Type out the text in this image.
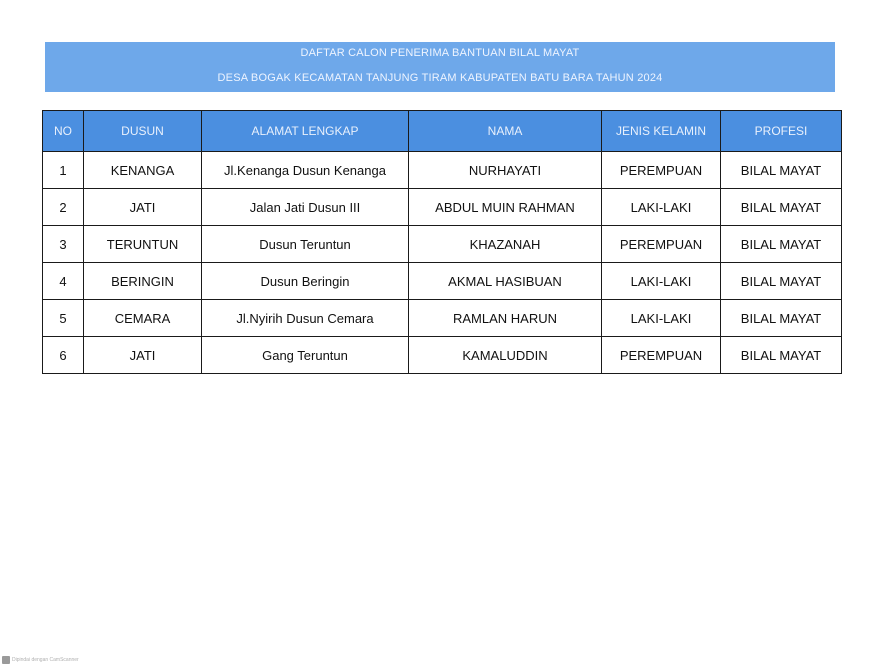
DAFTAR CALON PENERIMA BANTUAN BILAL MAYAT
DESA BOGAK KECAMATAN TANJUNG TIRAM KABUPATEN BATU BARA TAHUN 2024
NO	DUSUN	ALAMAT LENGKAP	NAMA	JENIS KELAMIN	PROFESI
1	KENANGA	Jl.Kenanga Dusun Kenanga	NURHAYATI	PEREMPUAN	BILAL MAYAT
2	JATI	Jalan Jati Dusun III	ABDUL MUIN RAHMAN	LAKI-LAKI	BILAL MAYAT
3	TERUNTUN	Dusun Teruntun	KHAZANAH	PEREMPUAN	BILAL MAYAT
4	BERINGIN	Dusun Beringin	AKMAL HASIBUAN	LAKI-LAKI	BILAL MAYAT
5	CEMARA	Jl.Nyirih Dusun Cemara	RAMLAN HARUN	LAKI-LAKI	BILAL MAYAT
6	JATI	Gang Teruntun	KAMALUDDIN	PEREMPUAN	BILAL MAYAT
Dipindai dengan CamScanner
